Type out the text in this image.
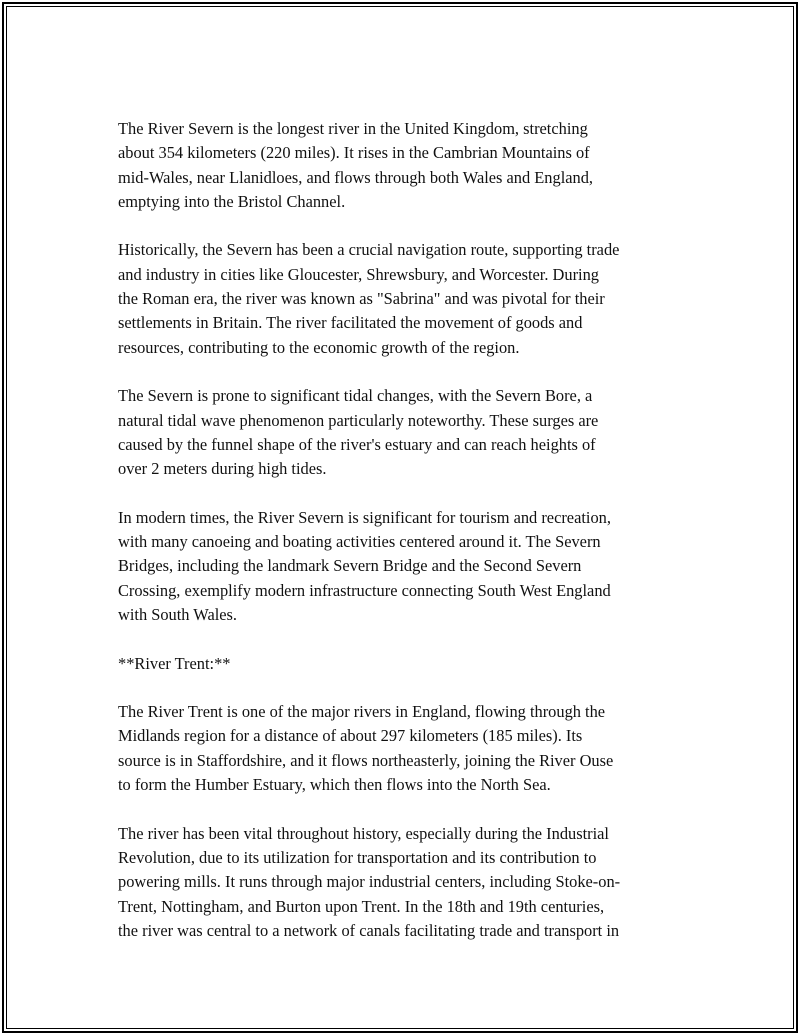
The River Severn is the longest river in the United Kingdom, stretching
about 354 kilometers (220 miles). It rises in the Cambrian Mountains of
mid-Wales, near Llanidloes, and flows through both Wales and England,
emptying into the Bristol Channel.

Historically, the Severn has been a crucial navigation route, supporting trade
and industry in cities like Gloucester, Shrewsbury, and Worcester. During
the Roman era, the river was known as "Sabrina" and was pivotal for their
settlements in Britain. The river facilitated the movement of goods and
resources, contributing to the economic growth of the region.

The Severn is prone to significant tidal changes, with the Severn Bore, a
natural tidal wave phenomenon particularly noteworthy. These surges are
caused by the funnel shape of the river's estuary and can reach heights of
over 2 meters during high tides.

In modern times, the River Severn is significant for tourism and recreation,
with many canoeing and boating activities centered around it. The Severn
Bridges, including the landmark Severn Bridge and the Second Severn
Crossing, exemplify modern infrastructure connecting South West England
with South Wales.

**River Trent:**

The River Trent is one of the major rivers in England, flowing through the
Midlands region for a distance of about 297 kilometers (185 miles). Its
source is in Staffordshire, and it flows northeasterly, joining the River Ouse
to form the Humber Estuary, which then flows into the North Sea.

The river has been vital throughout history, especially during the Industrial
Revolution, due to its utilization for transportation and its contribution to
powering mills. It runs through major industrial centers, including Stoke-on-
Trent, Nottingham, and Burton upon Trent. In the 18th and 19th centuries,
the river was central to a network of canals facilitating trade and transport in
